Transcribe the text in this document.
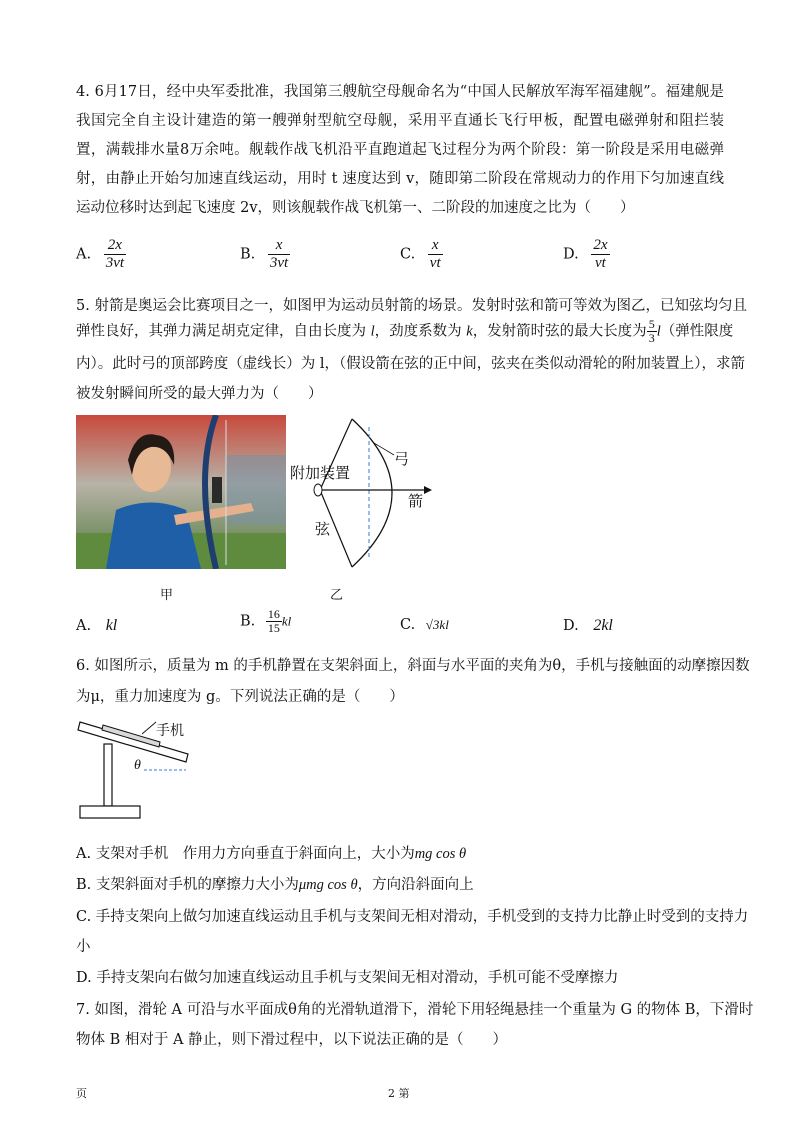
4. 6月17日，经中央军委批准，我国第三艘航空母舰命名为“中国人民解放军海军福建舰”。福建舰是我国完全自主设计建造的第一艘弹射型航空母舰，采用平直通长飞行甲板，配置电磁弹射和阻拦装置，满载排水量8万余吨。舰载作战飞机沿平直跑道起飞过程分为两个阶段：第一阶段是采用电磁弹射，由静止开始匀加速直线运动，用时 t 速度达到 v，随即第二阶段在常规动力的作用下匀加速直线运动位移时达到起飞速度 2v，则该舰载作战飞机第一、二阶段的加速度之比为（　　）

A. $\frac{2x}{3vt}$	B. $\frac{x}{3vt}$	C. $\frac{x}{vt}$	D. $\frac{2x}{vt}$
5. 射箭是奥运会比赛项目之一，如图甲为运动员射箭的场景。发射时弦和箭可等效为图乙，已知弦均匀且
弹性良好，其弹力满足胡克定律，自由长度为 l，劲度系数为 k，发射箭时弦的最大长度为 $\frac{5}{3} l$（弹性限度
内）。此时弓的顶部跨度（虚线长）为 l，（假设箭在弦的正中间，弦夹在类似动滑轮的附加装置上），求箭
被发射瞬间所受的最大弹力为（　　）
甲
附加装置
弓
箭
弦
乙
A. kl	B. $\frac{16}{15}$ kl	C. √3kl	D. 2kl
6. 如图所示，质量为 m 的手机静置在支架斜面上，斜面与水平面的夹角为θ，手机与接触面的动摩擦因数
为μ，重力加速度为 g。下列说法正确的是（　　）
手机
θ
A. 支架对手机　作用力方向垂直于斜面向上，大小为mg cos θ
B. 支架斜面对手机的摩擦力大小为μmg cos θ，方向沿斜面向上
C. 手持支架向上做匀加速直线运动且手机与支架间无相对滑动，手机受到的支持力比静止时受到的支持力
小
D. 手持支架向右做匀加速直线运动且手机与支架间无相对滑动，手机可能不受摩擦力
7. 如图，滑轮 A 可沿与水平面成θ角的光滑轨道滑下，滑轮下用轻绳悬挂一个重量为 G 的物体 B，下滑时
物体 B 相对于 A 静止，则下滑过程中，以下说法正确的是（　　）
页	2 第
